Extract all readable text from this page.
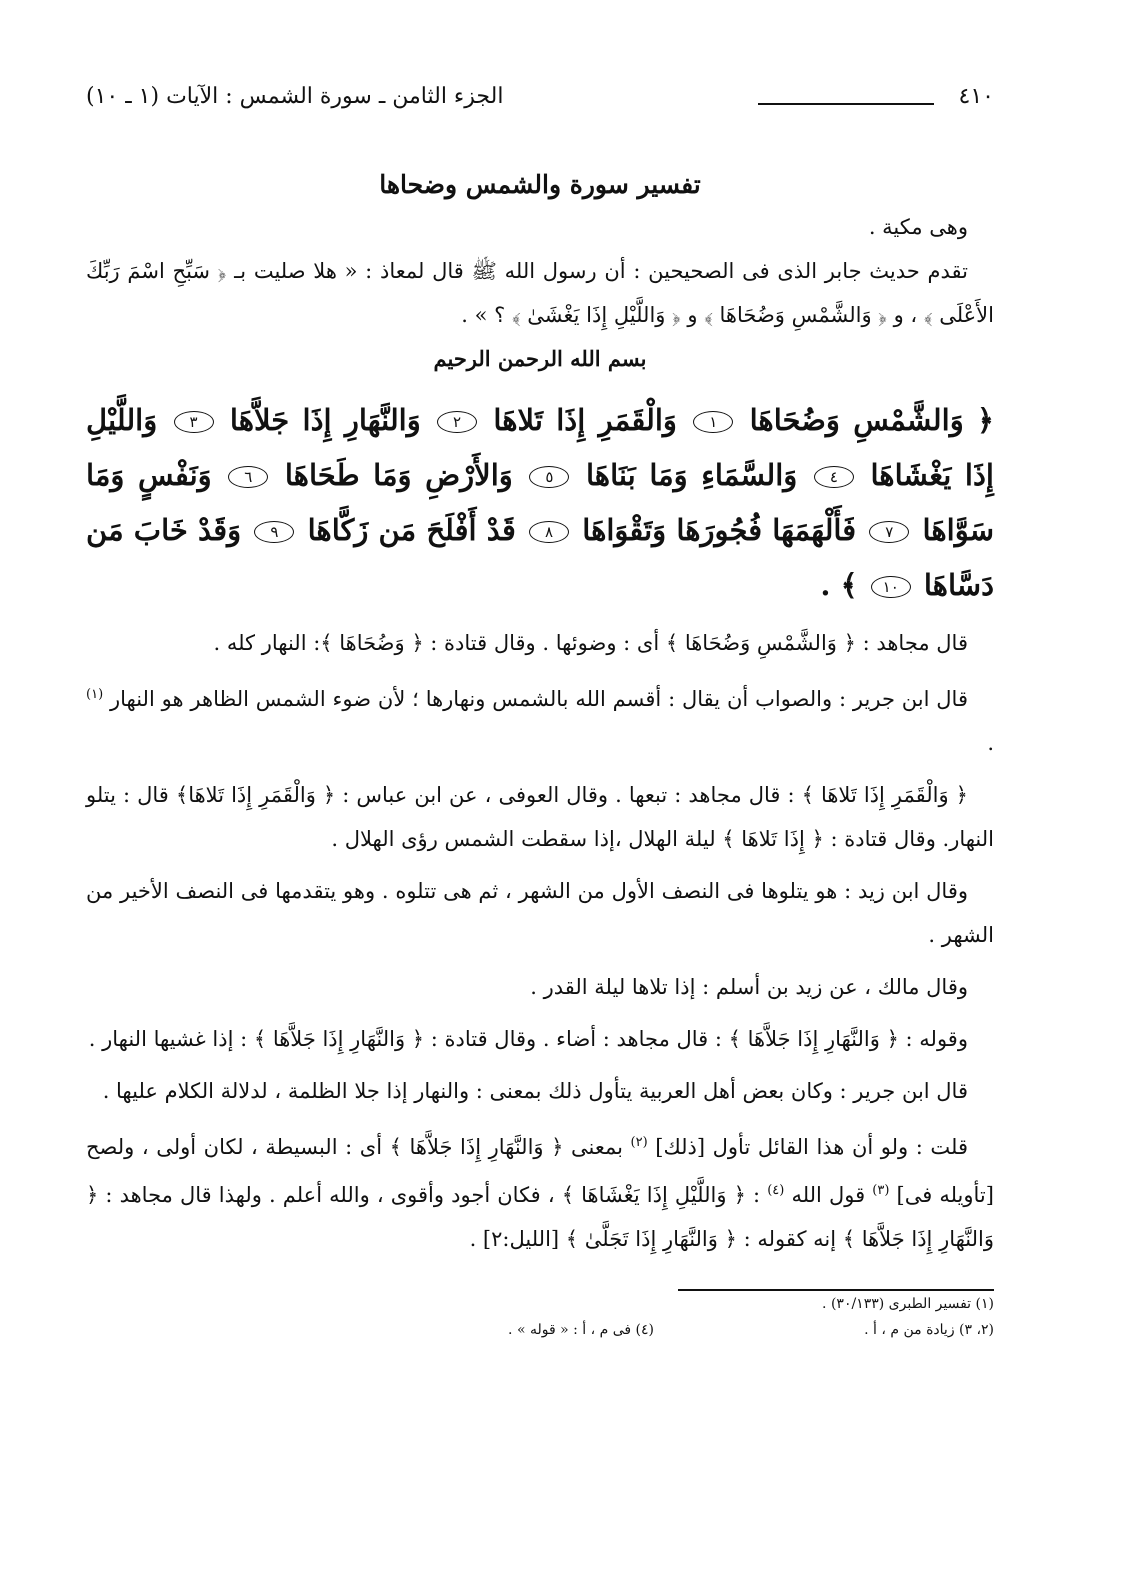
٤١٠
الجزء الثامن ـ سورة الشمس : الآيات (١ ـ ١٠)
تفسير سورة والشمس وضحاها

وهى مكية .

تقدم حديث جابر الذى فى الصحيحين : أن رسول الله ﷺ قال لمعاذ : « هلا صليت بـ ﴿ سَبِّحِ اسْمَ رَبِّكَ الأَعْلَى ﴾ ، و ﴿ وَالشَّمْسِ وَضُحَاهَا ﴾ و ﴿ وَاللَّيْلِ إِذَا يَغْشَىٰ ﴾ ؟ » .

بسم الله الرحمن الرحيم

﴿ وَالشَّمْسِ وَضُحَاهَا ١ وَالْقَمَرِ إِذَا تَلاهَا ٢ وَالنَّهَارِ إِذَا جَلاَّهَا ٣ وَاللَّيْلِ إِذَا يَغْشَاهَا ٤ وَالسَّمَاءِ وَمَا بَنَاهَا ٥ وَالأَرْضِ وَمَا طَحَاهَا ٦ وَنَفْسٍ وَمَا سَوَّاهَا ٧ فَأَلْهَمَهَا فُجُورَهَا وَتَقْوَاهَا ٨ قَدْ أَفْلَحَ مَن زَكَّاهَا ٩ وَقَدْ خَابَ مَن دَسَّاهَا ١٠ ﴾ .

قال مجاهد : ﴿ وَالشَّمْسِ وَضُحَاهَا ﴾ أى : وضوئها . وقال قتادة : ﴿ وَضُحَاهَا ﴾: النهار كله .

قال ابن جرير : والصواب أن يقال : أقسم الله بالشمس ونهارها ؛ لأن ضوء الشمس الظاهر هو النهار $^{(١)}$ .

﴿ وَالْقَمَرِ إِذَا تَلاهَا ﴾ : قال مجاهد : تبعها . وقال العوفى ، عن ابن عباس : ﴿ وَالْقَمَرِ إِذَا تَلاهَا﴾ قال : يتلو النهار. وقال قتادة : ﴿ إِذَا تَلاهَا ﴾ ليلة الهلال ،إذا سقطت الشمس رؤى الهلال .

وقال ابن زيد : هو يتلوها فى النصف الأول من الشهر ، ثم هى تتلوه . وهو يتقدمها فى النصف الأخير من الشهر .

وقال مالك ، عن زيد بن أسلم : إذا تلاها ليلة القدر .

وقوله : ﴿ وَالنَّهَارِ إِذَا جَلاَّهَا ﴾ : قال مجاهد : أضاء . وقال قتادة : ﴿ وَالنَّهَارِ إِذَا جَلاَّهَا ﴾ : إذا غشيها النهار .

قال ابن جرير : وكان بعض أهل العربية يتأول ذلك بمعنى : والنهار إذا جلا الظلمة ، لدلالة الكلام عليها .

قلت : ولو أن هذا القائل تأول [ذلك] $^{(٢)}$ بمعنى ﴿ وَالنَّهَارِ إِذَا جَلاَّهَا ﴾ أى : البسيطة ، لكان أولى ، ولصح [تأويله فى] $^{(٣)}$ قول الله $^{(٤)}$ : ﴿ وَاللَّيْلِ إِذَا يَغْشَاهَا ﴾ ، فكان أجود وأقوى ، والله أعلم . ولهذا قال مجاهد : ﴿ وَالنَّهَارِ إِذَا جَلاَّهَا ﴾ إنه كقوله : ﴿ وَالنَّهَارِ إِذَا تَجَلَّىٰ ﴾ [الليل:٢] .

(١) تفسير الطبرى (٣٠/١٣٣) .

(٢، ٣) زيادة من م ، أ .

(٤) فى م ، أ : « قوله » .
